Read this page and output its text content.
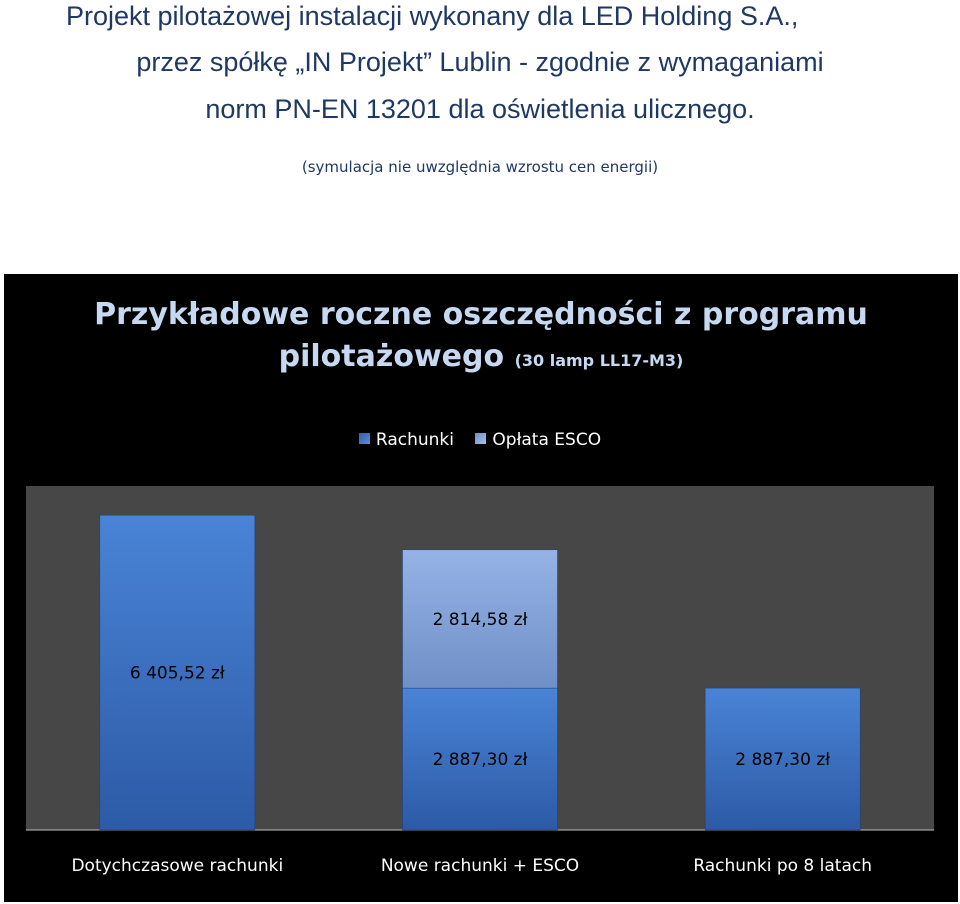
Projekt pilotażowej instalacji wykonany dla LED Holding S.A.,
przez spółkę „IN Projekt” Lublin - zgodnie z wymaganiami
norm PN-EN 13201 dla oświetlenia ulicznego.
(symulacja nie uwzględnia wzrostu cen energii)
Przykładowe roczne oszczędności z programu
pilotażowego (30 lamp LL17-M3)
Rachunki Opłata ESCO
6 405,52 zł
Dotychczasowe rachunki
2 887,30 zł
2 814,58 zł
Nowe rachunki + ESCO
2 887,30 zł
Rachunki po 8 latach
